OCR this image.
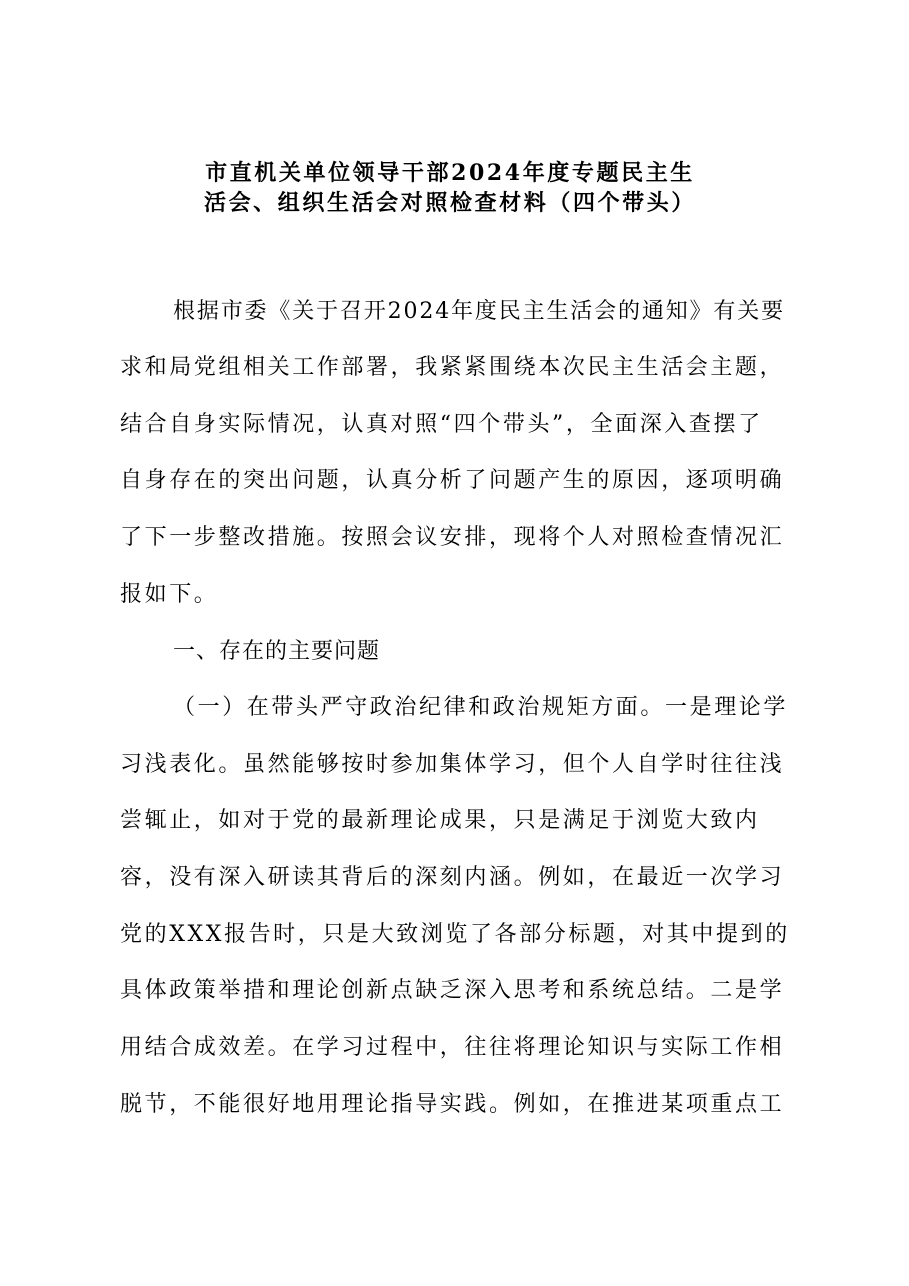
市直机关单位领导干部2024年度专题民主生
活会、组织生活会对照检查材料（四个带头）
根据市委《关于召开2024年度民主生活会的通知》有关要
求和局党组相关工作部署，我紧紧围绕本次民主生活会主题，
结合自身实际情况，认真对照“四个带头”，全面深入查摆了
自身存在的突出问题，认真分析了问题产生的原因，逐项明确
了下一步整改措施。按照会议安排，现将个人对照检查情况汇
报如下。
一、存在的主要问题
（一）在带头严守政治纪律和政治规矩方面。一是理论学
习浅表化。虽然能够按时参加集体学习，但个人自学时往往浅
尝辄止，如对于党的最新理论成果，只是满足于浏览大致内
容，没有深入研读其背后的深刻内涵。例如，在最近一次学习
党的XXX报告时，只是大致浏览了各部分标题，对其中提到的
具体政策举措和理论创新点缺乏深入思考和系统总结。二是学
用结合成效差。在学习过程中，往往将理论知识与实际工作相
脱节，不能很好地用理论指导实践。例如，在推进某项重点工
